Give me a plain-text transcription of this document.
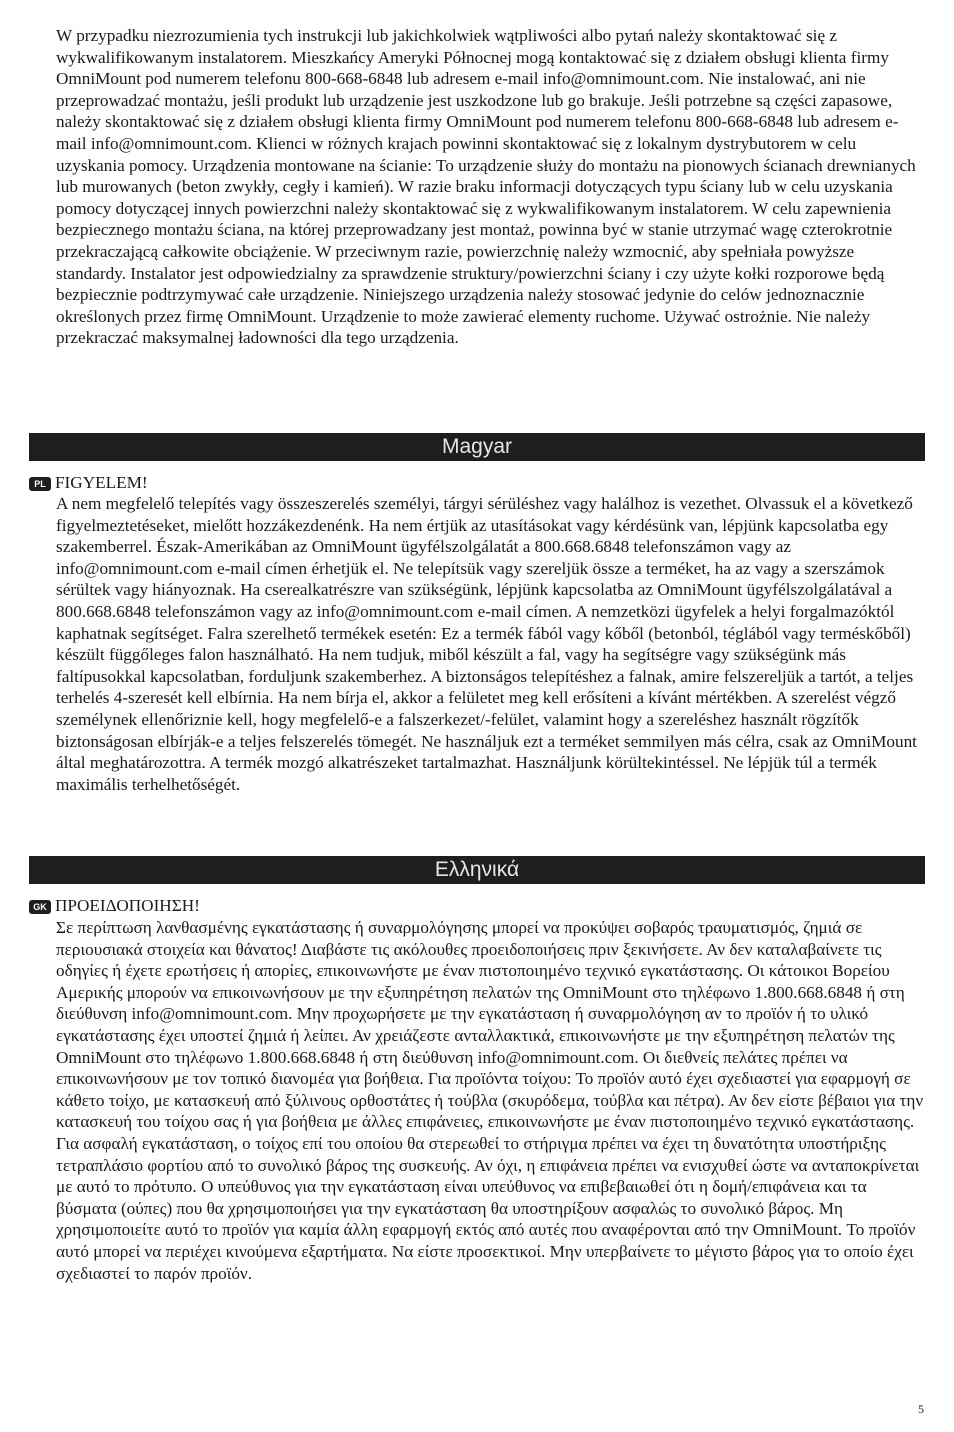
W przypadku niezrozumienia tych instrukcji lub jakichkolwiek wątpliwości albo pytań należy skontaktować się z wykwalifikowanym instalatorem. Mieszkańcy Ameryki Północnej mogą kontaktować się z działem obsługi klienta firmy OmniMount pod numerem telefonu 800-668-6848 lub adresem e-mail info@omnimount.com. Nie instalować, ani nie przeprowadzać montażu, jeśli produkt lub urządzenie jest uszkodzone lub go brakuje. Jeśli potrzebne są części zapasowe, należy skontaktować się z działem obsługi klienta firmy OmniMount pod numerem telefonu 800-668-6848 lub adresem e-mail info@omnimount.com. Klienci w różnych krajach powinni skontaktować się z lokalnym dystrybutorem w celu uzyskania pomocy. Urządzenia montowane na ścianie: To urządzenie służy do montażu na pionowych ścianach drewnianych lub murowanych (beton zwykły, cegły i kamień). W razie braku informacji dotyczących typu ściany lub w celu uzyskania pomocy dotyczącej innych powierzchni należy skontaktować się z wykwalifikowanym instalatorem. W celu zapewnienia bezpiecznego montażu ściana, na której przeprowadzany jest montaż, powinna być w stanie utrzymać wagę czterokrotnie przekraczającą całkowite obciążenie. W przeciwnym razie, powierzchnię należy wzmocnić, aby spełniała powyższe standardy. Instalator jest odpowiedzialny za sprawdzenie struktury/powierzchni ściany i czy użyte kołki rozporowe będą bezpiecznie podtrzymywać całe urządzenie. Niniejszego urządzenia należy stosować jedynie do celów jednoznacznie określonych przez firmę OmniMount. Urządzenie to może zawierać elementy ruchome. Używać ostrożnie. Nie należy przekraczać maksymalnej ładowności dla tego urządzenia.

Magyar
PL FIGYELEM!

A nem megfelelő telepítés vagy összeszerelés személyi, tárgyi sérüléshez vagy halálhoz is vezethet. Olvassuk el a következő figyelmeztetéseket, mielőtt hozzákezdenénk. Ha nem értjük az utasításokat vagy kérdésünk van, lépjünk kapcsolatba egy szakemberrel. Észak-Amerikában az OmniMount ügyfélszolgálatát a 800.668.6848 telefonszámon vagy az info@omnimount.com e-mail címen érhetjük el. Ne telepítsük vagy szereljük össze a terméket, ha az vagy a szerszámok sérültek vagy hiányoznak. Ha cserealkatrészre van szükségünk, lépjünk kapcsolatba az OmniMount ügyfélszolgálatával a 800.668.6848 telefonszámon vagy az info@omnimount.com e-mail címen. A nemzetközi ügyfelek a helyi forgalmazóktól kaphatnak segítséget. Falra szerelhető termékek esetén: Ez a termék fából vagy kőből (betonból, téglából vagy terméskőből) készült függőleges falon használható. Ha nem tudjuk, miből készült a fal, vagy ha segítségre vagy szükségünk más faltípusokkal kapcsolatban, forduljunk szakemberhez. A biztonságos telepítéshez a falnak, amire felszereljük a tartót, a teljes terhelés 4-szeresét kell elbírnia. Ha nem bírja el, akkor a felületet meg kell erősíteni a kívánt mértékben. A szerelést végző személynek ellenőriznie kell, hogy megfelelő-e a falszerkezet/-felület, valamint hogy a szereléshez használt rögzítők biztonságosan elbírják-e a teljes felszerelés tömegét. Ne használjuk ezt a terméket semmilyen más célra, csak az OmniMount által meghatározottra. A termék mozgó alkatrészeket tartalmazhat. Használjunk körültekintéssel. Ne lépjük túl a termék maximális terhelhetőségét.

Ελληνικά
GK ΠΡΟΕΙΔΟΠΟΙΗΣΗ!

Σε περίπτωση λανθασμένης εγκατάστασης ή συναρμολόγησης μπορεί να προκύψει σοβαρός τραυματισμός, ζημιά σε περιουσιακά στοιχεία και θάνατος! Διαβάστε τις ακόλουθες προειδοποιήσεις πριν ξεκινήσετε. Αν δεν καταλαβαίνετε τις οδηγίες ή έχετε ερωτήσεις ή απορίες, επικοινωνήστε με έναν πιστοποιημένο τεχνικό εγκατάστασης. Οι κάτοικοι Βορείου Αμερικής μπορούν να επικοινωνήσουν με την εξυπηρέτηση πελατών της OmniMount στο τηλέφωνο 1.800.668.6848 ή στη διεύθυνση info@omnimount.com. Μην προχωρήσετε με την εγκατάσταση ή συναρμολόγηση αν το προϊόν ή το υλικό εγκατάστασης έχει υποστεί ζημιά ή λείπει. Αν χρειάζεστε ανταλλακτικά, επικοινωνήστε με την εξυπηρέτηση πελατών της OmniMount στο τηλέφωνο 1.800.668.6848 ή στη διεύθυνση info@omnimount.com. Οι διεθνείς πελάτες πρέπει να επικοινωνήσουν με τον τοπικό διανομέα για βοήθεια. Για προϊόντα τοίχου: Το προϊόν αυτό έχει σχεδιαστεί για εφαρμογή σε κάθετο τοίχο, με κατασκευή από ξύλινους ορθοστάτες ή τούβλα (σκυρόδεμα, τούβλα και πέτρα). Αν δεν είστε βέβαιοι για την κατασκευή του τοίχου σας ή για βοήθεια με άλλες επιφάνειες, επικοινωνήστε με έναν πιστοποιημένο τεχνικό εγκατάστασης. Για ασφαλή εγκατάσταση, ο τοίχος επί του οποίου θα στερεωθεί το στήριγμα πρέπει να έχει τη δυνατότητα υποστήριξης τετραπλάσιο φορτίου από το συνολικό βάρος της συσκευής. Αν όχι, η επιφάνεια πρέπει να ενισχυθεί ώστε να ανταποκρίνεται με αυτό το πρότυπο. Ο υπεύθυνος για την εγκατάσταση είναι υπεύθυνος να επιβεβαιωθεί ότι η δομή/επιφάνεια και τα βύσματα (ούπες) που θα χρησιμοποιήσει για την εγκατάσταση θα υποστηρίξουν ασφαλώς το συνολικό βάρος. Μη χρησιμοποιείτε αυτό το προϊόν για καμία άλλη εφαρμογή εκτός από αυτές που αναφέρονται από την OmniMount. Το προϊόν αυτό μπορεί να περιέχει κινούμενα εξαρτήματα. Να είστε προσεκτικοί. Μην υπερβαίνετε το μέγιστο βάρος για το οποίο έχει σχεδιαστεί το παρόν προϊόν.

5
